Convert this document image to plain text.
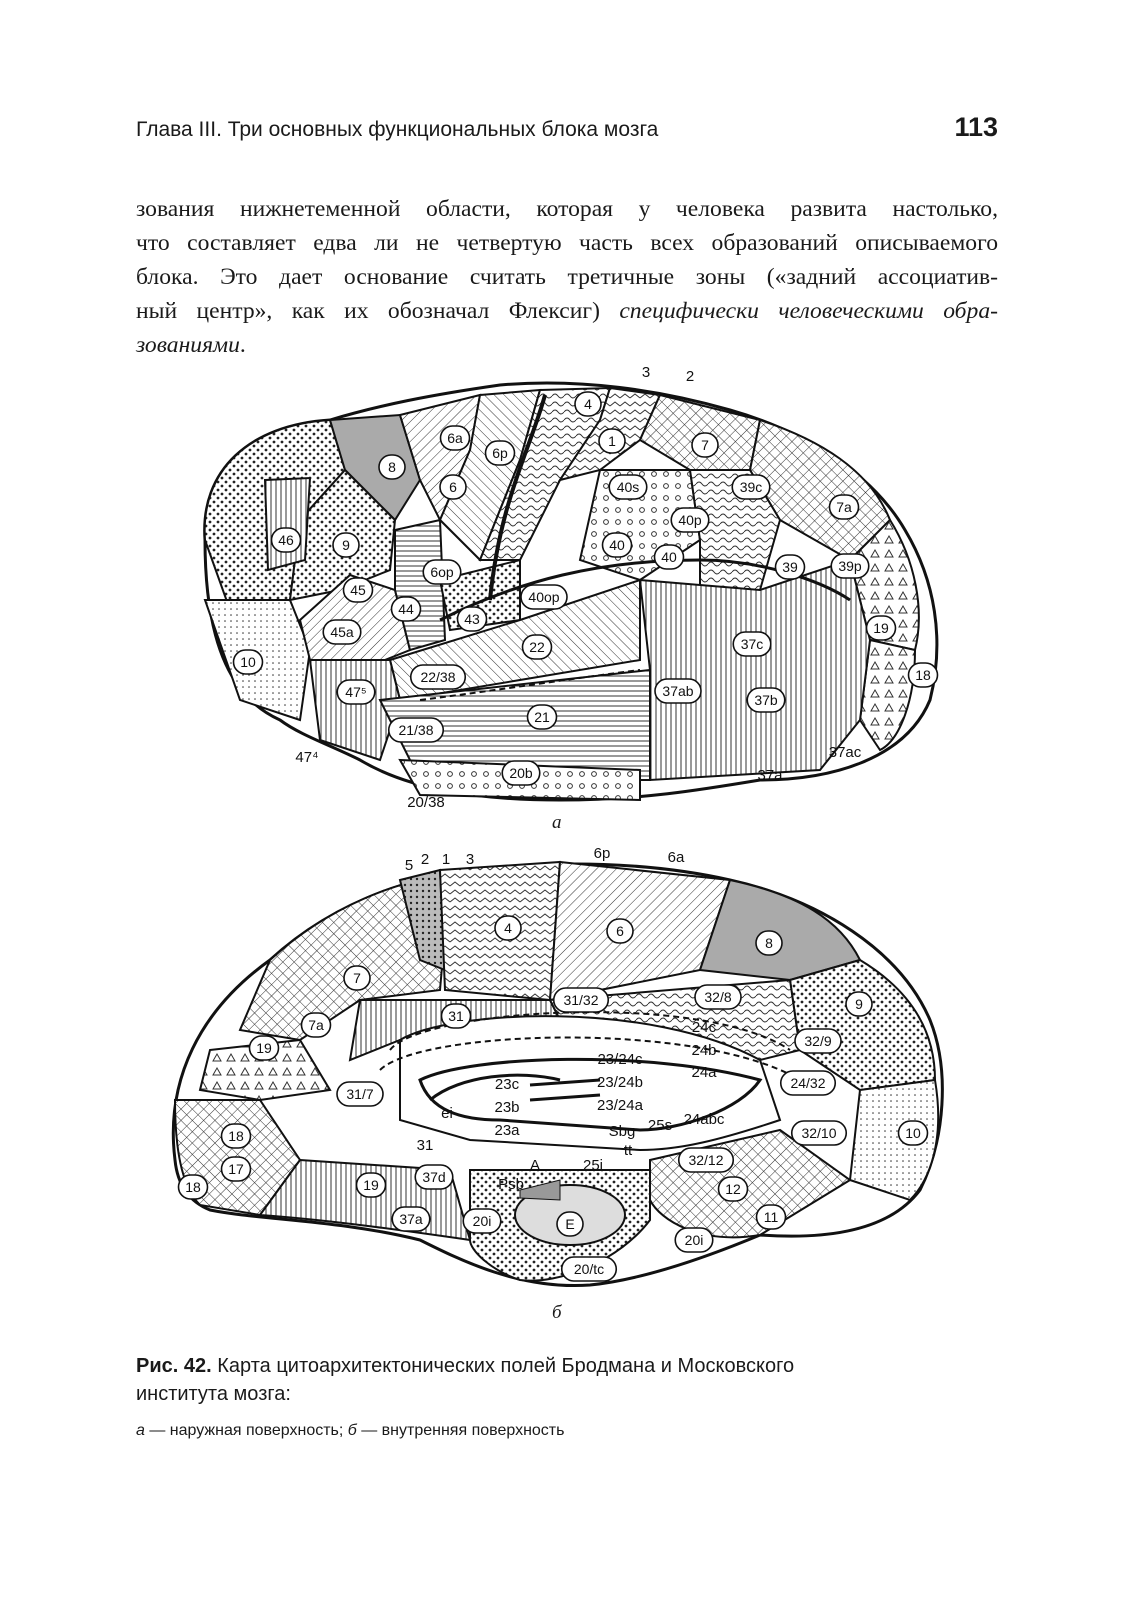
Глава III. Три основных функциональных блока мозга	113
зования нижнетеменной области, которая у человека развита настолько,
что составляет едва ли не четвертую часть всех образований описываемого
блока. Это дает основание считать третичные зоны («задний ассоциатив-
ный центр», как их обозначал Флексиг) специфически человеческими обра-
зованиями.
4
6a
6p
1	7
8
6	40s	39c
7a
46	9
40p
40
40
39	39p
6op
45
44
40op
43
19
45a
22	37c
10
22/38
37ab
37b
18
47⁵
21
21/38
20b
3 2
47⁴
20/38
37a
37ac
а
5 2 1 3	6p	6a
4	6
8
7
31/32	32/8	9
7a
31
19	32/9
24/32
31/7
18	32/10	10
17	37d
32/12
18	19	12
37a	20i	11
E
20i
20/tc
24c
24b
24a
23/24c
23/24b
23/24a
23c
23b
23a
ei
31
Sbg 25s 24abc
tt
25i
A
Psb
б
Рис. 42. Карта цитоархитектонических полей Бродмана и Московского
института мозга:
а — наружная поверхность; б — внутренняя поверхность
